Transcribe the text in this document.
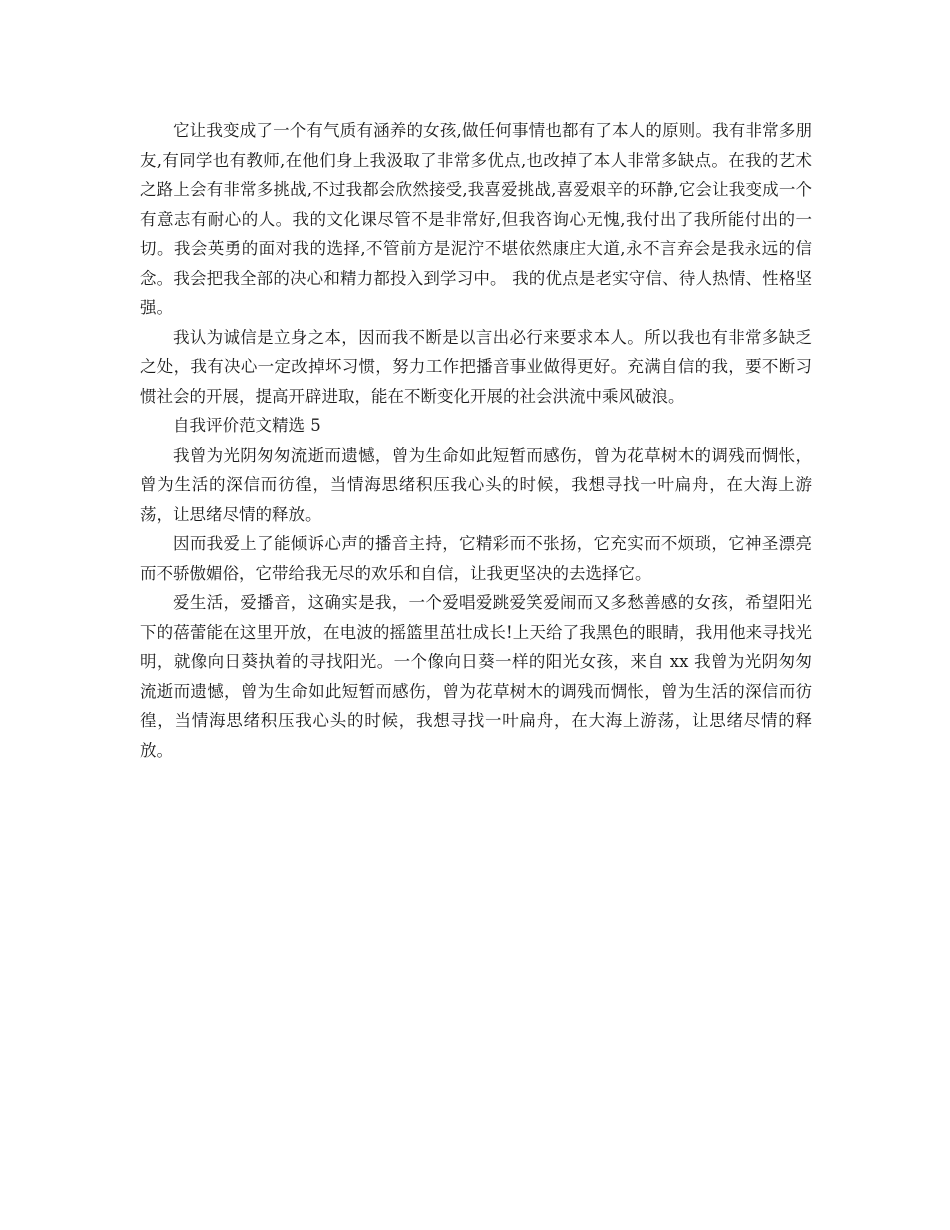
它让我变成了一个有气质有涵养的女孩,做任何事情也都有了本人的原则。我有非常多朋友,有同学也有教师,在他们身上我汲取了非常多优点,也改掉了本人非常多缺点。在我的艺术之路上会有非常多挑战,不过我都会欣然接受,我喜爱挑战,喜爱艰辛的环静,它会让我变成一个有意志有耐心的人。我的文化课尽管不是非常好,但我咨询心无愧,我付出了我所能付出的一切。我会英勇的面对我的选择,不管前方是泥泞不堪依然康庄大道,永不言弃会是我永远的信念。我会把我全部的决心和精力都投入到学习中。 我的优点是老实守信、待人热情、性格坚强。

我认为诚信是立身之本，因而我不断是以言出必行来要求本人。所以我也有非常多缺乏之处，我有决心一定改掉坏习惯，努力工作把播音事业做得更好。充满自信的我，要不断习惯社会的开展，提高开辟进取，能在不断变化开展的社会洪流中乘风破浪。

自我评价范文精选 5

我曾为光阴匆匆流逝而遗憾，曾为生命如此短暂而感伤，曾为花草树木的调残而惆怅，曾为生活的深信而彷徨，当情海思绪积压我心头的时候，我想寻找一叶扁舟，在大海上游荡，让思绪尽情的释放。

因而我爱上了能倾诉心声的播音主持，它精彩而不张扬，它充实而不烦琐，它神圣漂亮而不骄傲媚俗，它带给我无尽的欢乐和自信，让我更坚决的去选择它。

爱生活，爱播音，这确实是我，一个爱唱爱跳爱笑爱闹而又多愁善感的女孩，希望阳光下的蓓蕾能在这里开放，在电波的摇篮里茁壮成长!上天给了我黑色的眼睛，我用他来寻找光明，就像向日葵执着的寻找阳光。一个像向日葵一样的阳光女孩，来自 xx 我曾为光阴匆匆流逝而遗憾，曾为生命如此短暂而感伤，曾为花草树木的调残而惆怅，曾为生活的深信而彷徨，当情海思绪积压我心头的时候，我想寻找一叶扁舟，在大海上游荡，让思绪尽情的释放。
